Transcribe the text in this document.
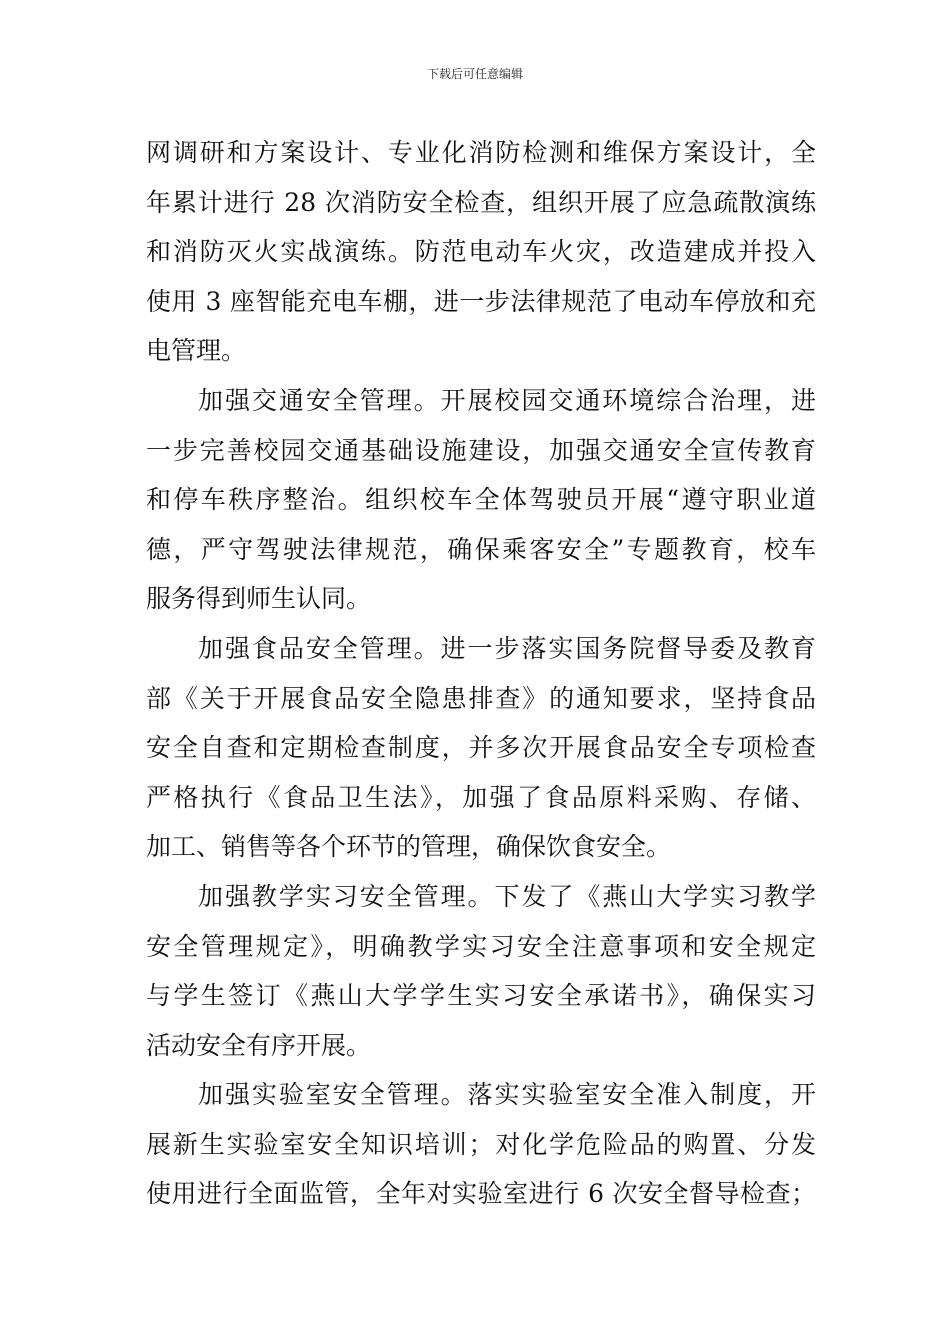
下载后可任意编辑
网调研和方案设计、专业化消防检测和维保方案设计，全
年累计进行 28 次消防安全检查，组织开展了应急疏散演练
和消防灭火实战演练。防范电动车火灾，改造建成并投入
使用 3 座智能充电车棚，进一步法律规范了电动车停放和充
电管理。
加强交通安全管理。开展校园交通环境综合治理，进
一步完善校园交通基础设施建设，加强交通安全宣传教育
和停车秩序整治。组织校车全体驾驶员开展“遵守职业道
德，严守驾驶法律规范，确保乘客安全”专题教育，校车
服务得到师生认同。
加强食品安全管理。进一步落实国务院督导委及教育
部《关于开展食品安全隐患排查》的通知要求，坚持食品
安全自查和定期检查制度，并多次开展食品安全专项检查
严格执行《食品卫生法》，加强了食品原料采购、存储、
加工、销售等各个环节的管理，确保饮食安全。
加强教学实习安全管理。下发了《燕山大学实习教学
安全管理规定》，明确教学实习安全注意事项和安全规定
与学生签订《燕山大学学生实习安全承诺书》，确保实习
活动安全有序开展。
加强实验室安全管理。落实实验室安全准入制度，开
展新生实验室安全知识培训；对化学危险品的购置、分发
使用进行全面监管，全年对实验室进行 6 次安全督导检查；
